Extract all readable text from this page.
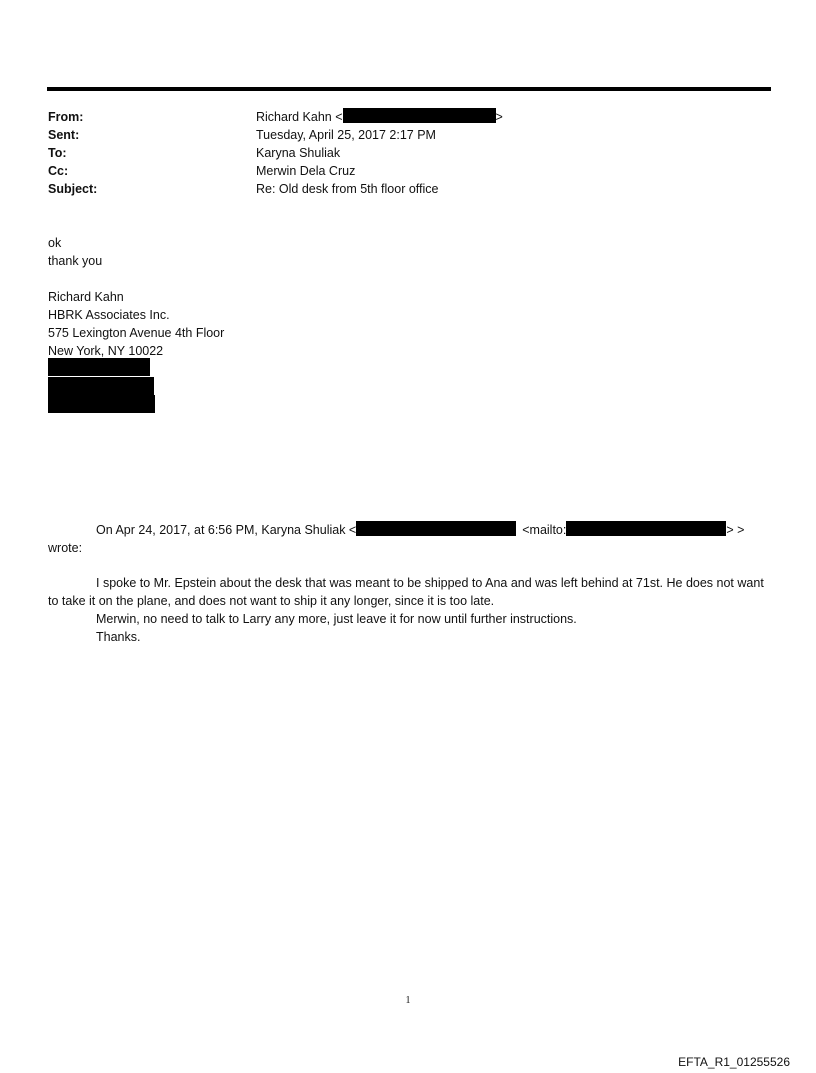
From:	Richard Kahn <	>
Sent:	Tuesday, April 25, 2017 2:17 PM
To:	Karyna Shuliak
Cc:	Merwin Dela Cruz
Subject:	Re: Old desk from 5th floor office
ok
thank you
Richard Kahn
HBRK Associates Inc.
575 Lexington Avenue 4th Floor
New York, NY 10022
On Apr 24, 2017, at 6:56 PM, Karyna Shuliak <	<mailto:	> >
wrote:
I spoke to Mr. Epstein about the desk that was meant to be shipped to Ana and was left behind at 71st. He does not want to take it on the plane, and does not want to ship it any longer, since it is too late.
Merwin, no need to talk to Larry any more, just leave it for now until further instructions.
Thanks.
1
EFTA_R1_01255526
